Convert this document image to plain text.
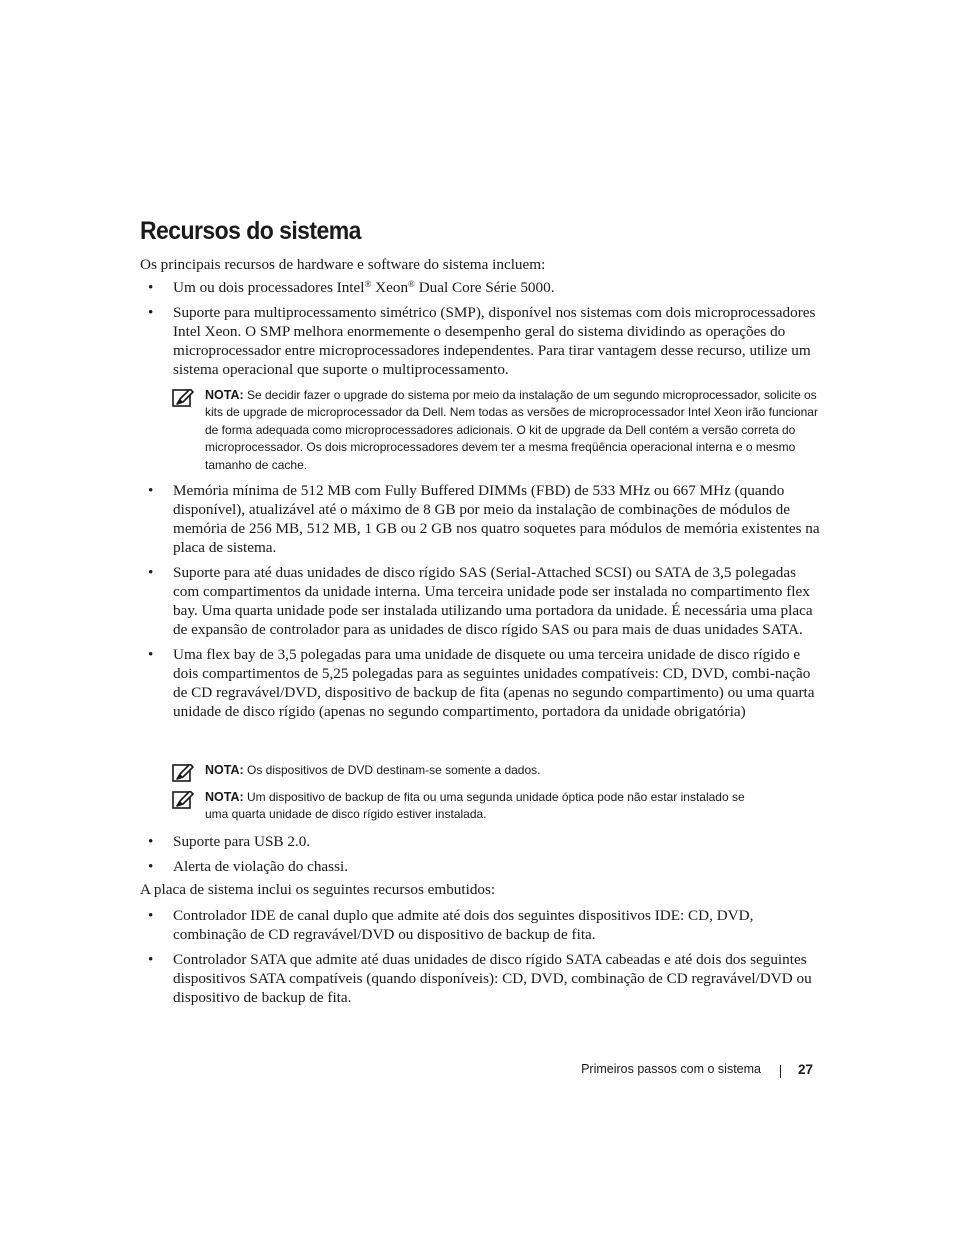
Recursos do sistema

Os principais recursos de hardware e software do sistema incluem:

• Um ou dois processadores Intel® Xeon® Dual Core Série 5000.
• Suporte para multiprocessamento simétrico (SMP), disponível nos sistemas com dois microprocessadores Intel Xeon. O SMP melhora enormemente o desempenho geral do sistema dividindo as operações do microprocessador entre microprocessadores independentes. Para tirar vantagem desse recurso, utilize um sistema operacional que suporte o multiprocessamento.
NOTA: Se decidir fazer o upgrade do sistema por meio da instalação de um segundo microprocessador, solicite os kits de upgrade de microprocessador da Dell. Nem todas as versões de microprocessador Intel Xeon irão funcionar de forma adequada como microprocessadores adicionais. O kit de upgrade da Dell contém a versão correta do microprocessador. Os dois microprocessadores devem ter a mesma freqüência operacional interna e o mesmo tamanho de cache.
• Memória mínima de 512 MB com Fully Buffered DIMMs (FBD) de 533 MHz ou 667 MHz (quando disponível), atualizável até o máximo de 8 GB por meio da instalação de combinações de módulos de memória de 256 MB, 512 MB, 1 GB ou 2 GB nos quatro soquetes para módulos de memória existentes na placa de sistema.
• Suporte para até duas unidades de disco rígido SAS (Serial-Attached SCSI) ou SATA de 3,5 polegadas com compartimentos da unidade interna. Uma terceira unidade pode ser instalada no compartimento flex bay. Uma quarta unidade pode ser instalada utilizando uma portadora da unidade. É necessária uma placa de expansão de controlador para as unidades de disco rígido SAS ou para mais de duas unidades SATA.
• Uma flex bay de 3,5 polegadas para uma unidade de disquete ou uma terceira unidade de disco rígido e dois compartimentos de 5,25 polegadas para as seguintes unidades compatíveis: CD, DVD, combi-nação de CD regravável/DVD, dispositivo de backup de fita (apenas no segundo compartimento) ou uma quarta unidade de disco rígido (apenas no segundo compartimento, portadora da unidade obrigatória)
NOTA: Os dispositivos de DVD destinam-se somente a dados.
NOTA: Um dispositivo de backup de fita ou uma segunda unidade óptica pode não estar instalado se uma quarta unidade de disco rígido estiver instalada.
• Suporte para USB 2.0.
• Alerta de violação do chassi.

A placa de sistema inclui os seguintes recursos embutidos:

• Controlador IDE de canal duplo que admite até dois dos seguintes dispositivos IDE: CD, DVD, combinação de CD regravável/DVD ou dispositivo de backup de fita.
• Controlador SATA que admite até duas unidades de disco rígido SATA cabeadas e até dois dos seguintes dispositivos SATA compatíveis (quando disponíveis): CD, DVD, combinação de CD regravável/DVD ou dispositivo de backup de fita.
Primeiros passos com o sistema	27
